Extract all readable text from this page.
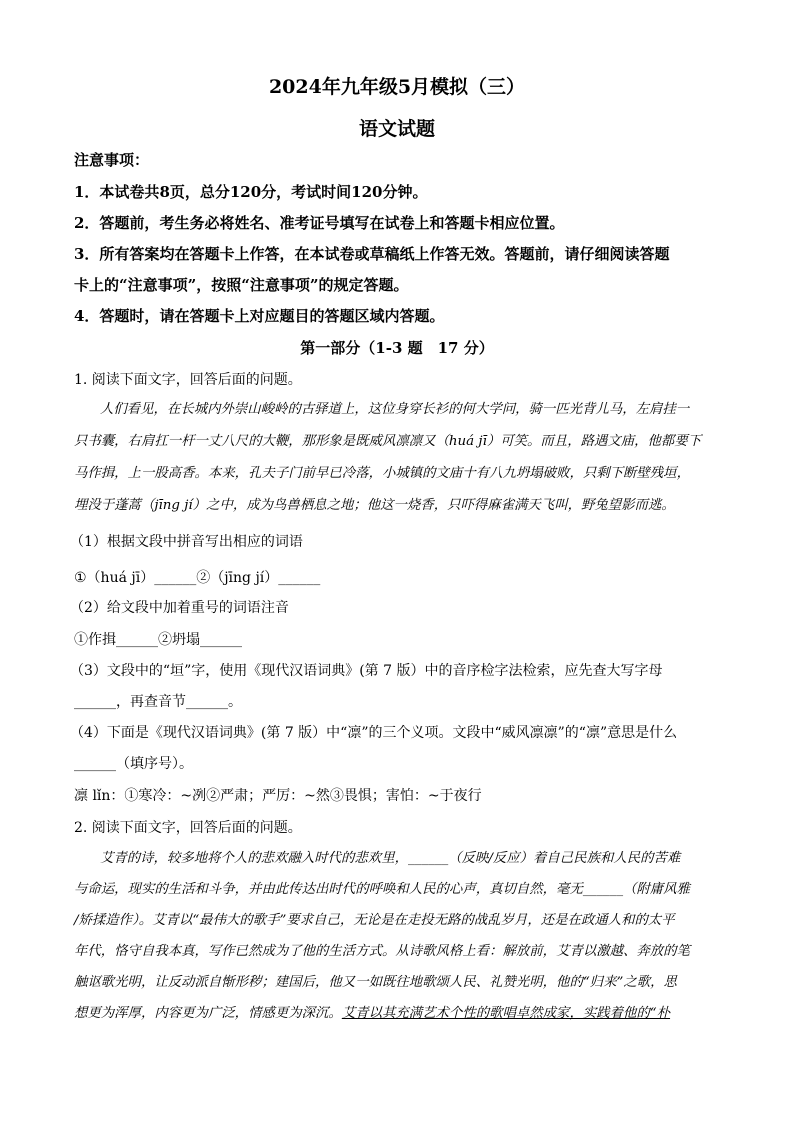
2024年九年级5月模拟（三）
语文试题
注意事项：
1．本试卷共8页，总分120分，考试时间120分钟。
2．答题前，考生务必将姓名、准考证号填写在试卷上和答题卡相应位置。
3．所有答案均在答题卡上作答，在本试卷或草稿纸上作答无效。答题前，请仔细阅读答题
卡上的“注意事项”，按照“注意事项”的规定答题。
4．答题时，请在答题卡上对应题目的答题区域内答题。
第一部分（1-3 题　17 分）
1. 阅读下面文字，回答后面的问题。
人们看见，在长城内外崇山峻岭的古驿道上，这位身穿长衫的何大学问，骑一匹光背儿马，左肩挂一
只书囊，右肩扛一杆一丈八尺的大鞭，那形象是既威风凛凛又（huá jī）可笑。而且，路遇文庙，他都要下
马作揖，上一股高香。本来，孔夫子门前早已冷落，小城镇的文庙十有八九坍塌破败，只剩下断壁残垣，
埋没于蓬蒿（jīng jí）之中，成为鸟兽栖息之地；他这一烧香，只吓得麻雀满天飞叫，野兔望影而逃。
（1）根据文段中拼音写出相应的词语
①（huá jī）______②（jīng jí）______
（2）给文段中加着重号的词语注音
①作揖______②坍塌______
（3）文段中的“垣”字，使用《现代汉语词典》(第 7 版）中的音序检字法检索，应先查大写字母
______，再查音节______。
（4）下面是《现代汉语词典》(第 7 版）中“凛”的三个义项。文段中“威风凛凛”的“凛”意思是什么
______（填序号）。
凛 lǐn：①寒冷：~冽②严肃；严厉：~然③畏惧；害怕：~于夜行
2. 阅读下面文字，回答后面的问题。
艾青的诗，较多地将个人的悲欢融入时代的悲欢里，______（反映/反应）着自己民族和人民的苦难
与命运，现实的生活和斗争，并由此传达出时代的呼唤和人民的心声，真切自然，毫无______（附庸风雅
/矫揉造作）。艾青以“最伟大的歌手”要求自己，无论是在走投无路的战乱岁月，还是在政通人和的太平
年代，恪守自我本真，写作已然成为了他的生活方式。从诗歌风格上看：解放前，艾青以激越、奔放的笔
触讴歌光明，让反动派自惭形秽；建国后，他又一如既往地歌颂人民、礼赞光明，他的“归来”之歌，思
想更为浑厚，内容更为广泛，情感更为深沉。艾青以其充满艺术个性的歌唱卓然成家，实践着他的“朴
